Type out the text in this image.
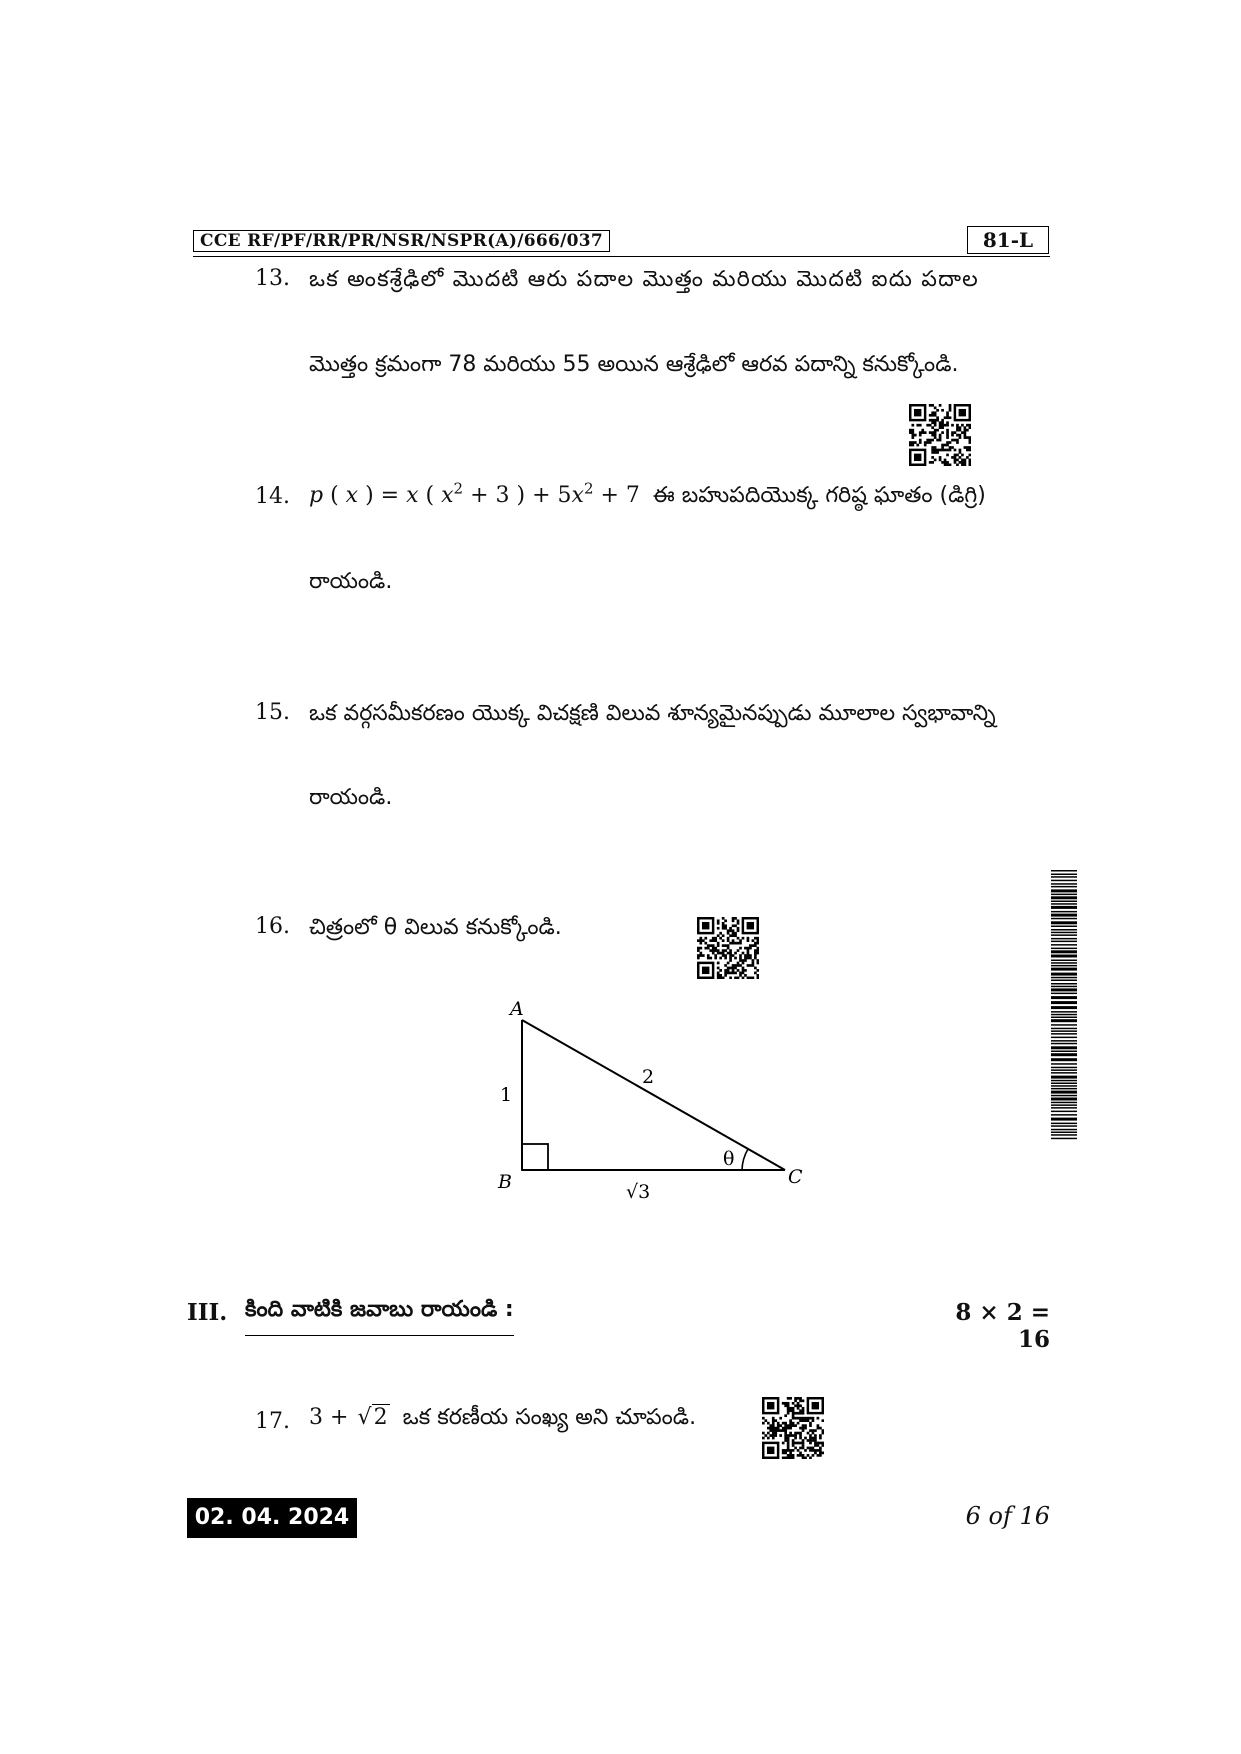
CCE RF/PF/RR/PR/NSR/NSPR(A)/666/037	81-L
13. ఒక అంకశ్రేఢిలో మొదటి ఆరు పదాల మొత్తం మరియు మొదటి ఐదు పదాల
మొత్తం క్రమంగా 78 మరియు 55 అయిన ఆశ్రేఢిలో ఆరవ పదాన్ని కనుక్కోండి.
14. p ( x ) = x ( $x^2 + 3$ ) + $5x^2 + 7$ ఈ బహుపదియొక్క గరిష్ఠ ఘాతం (డిగ్రి)
రాయండి.
15. ఒక వర్గసమీకరణం యొక్క విచక్షణి విలువ శూన్యమైనప్పుడు మూలాల స్వభావాన్ని
రాయండి.
16. చిత్రంలో θ విలువ కనుక్కోండి.
A
B	C
1
2
√3
θ
III. కింది వాటికి జవాబు రాయండి :	8 × 2 = 16
17. 3 + √2 ఒక కరణీయ సంఖ్య అని చూపండి.
02. 04. 2024	6 of 16
